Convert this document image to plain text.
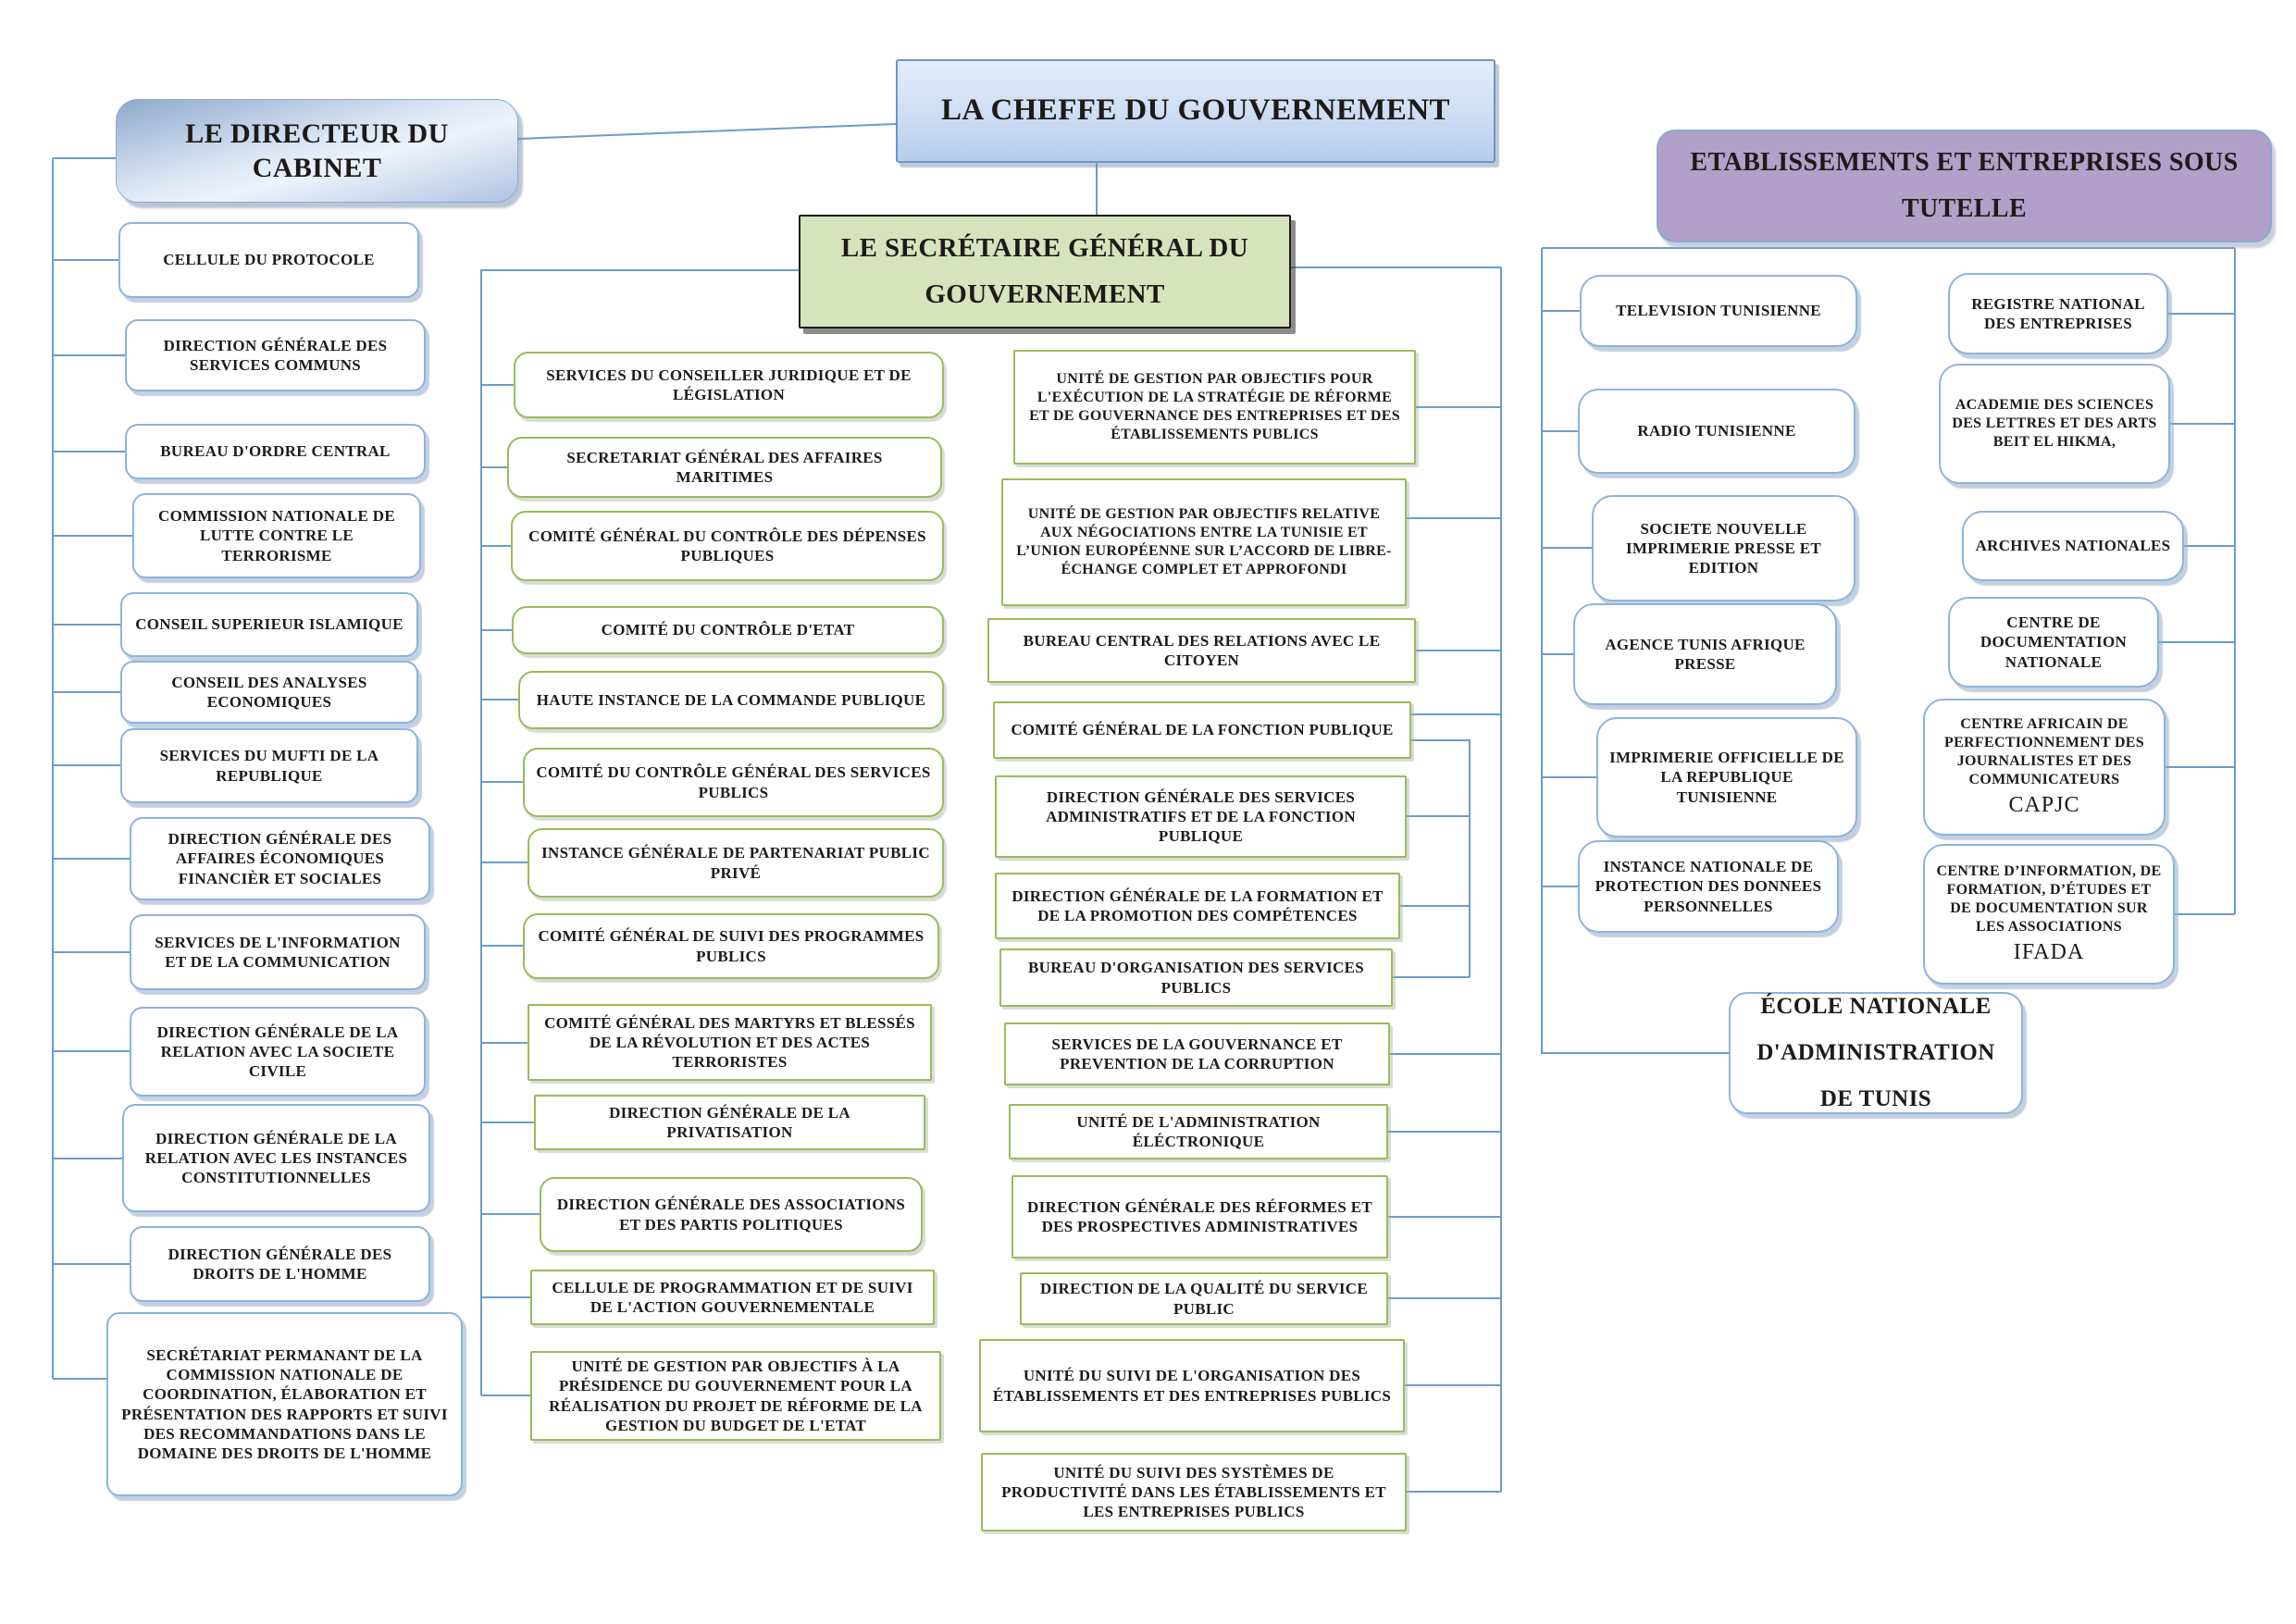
LE DIRECTEUR DU CABINET
LA CHEFFE DU GOUVERNEMENT
LE SECRÉTAIRE GÉNÉRAL DU GOUVERNEMENT
ETABLISSEMENTS ET ENTREPRISES SOUS TUTELLE
ÉCOLE NATIONALE D'ADMINISTRATION DE TUNIS
CELLULE DU PROTOCOLE
DIRECTION GÉNÉRALE DES SERVICES COMMUNS
BUREAU D'ORDRE CENTRAL
COMMISSION NATIONALE DE LUTTE CONTRE LE TERRORISME
CONSEIL SUPERIEUR ISLAMIQUE
CONSEIL DES ANALYSES ECONOMIQUES
SERVICES DU MUFTI DE LA REPUBLIQUE
DIRECTION GÉNÉRALE DES AFFAIRES ÉCONOMIQUES FINANCIÈR ET SOCIALES
SERVICES DE L'INFORMATION ET DE LA COMMUNICATION
DIRECTION GÉNÉRALE DE LA RELATION AVEC LA SOCIETE CIVILE
DIRECTION GÉNÉRALE DE LA RELATION AVEC LES INSTANCES CONSTITUTIONNELLES
DIRECTION GÉNÉRALE DES DROITS DE L'HOMME
SECRÉTARIAT PERMANANT DE LA COMMISSION NATIONALE DE COORDINATION, ÉLABORATION ET PRÉSENTATION DES RAPPORTS ET SUIVI DES RECOMMANDATIONS DANS LE DOMAINE DES DROITS DE L'HOMME
SERVICES DU CONSEILLER JURIDIQUE ET DE LÉGISLATION
SECRETARIAT GÉNÉRAL DES AFFAIRES MARITIMES
COMITÉ GÉNÉRAL DU CONTRÔLE DES DÉPENSES PUBLIQUES
COMITÉ DU CONTRÔLE D'ETAT
HAUTE INSTANCE DE LA COMMANDE PUBLIQUE
COMITÉ DU CONTRÔLE GÉNÉRAL DES SERVICES PUBLICS
INSTANCE GÉNÉRALE DE PARTENARIAT PUBLIC PRIVÉ
COMITÉ GÉNÉRAL DE SUIVI DES PROGRAMMES PUBLICS
COMITÉ GÉNÉRAL DES MARTYRS ET BLESSÉS DE LA RÉVOLUTION ET DES ACTES TERRORISTES
DIRECTION GÉNÉRALE DE LA PRIVATISATION
DIRECTION GÉNÉRALE DES ASSOCIATIONS ET DES PARTIS POLITIQUES
CELLULE DE PROGRAMMATION ET DE SUIVI DE L'ACTION GOUVERNEMENTALE
UNITÉ DE GESTION PAR OBJECTIFS À LA PRÉSIDENCE DU GOUVERNEMENT POUR LA RÉALISATION DU PROJET DE RÉFORME DE LA GESTION DU BUDGET DE L'ETAT
UNITÉ DE GESTION PAR OBJECTIFS POUR L'EXÉCUTION DE LA STRATÉGIE DE RÉFORME ET DE GOUVERNANCE DES ENTREPRISES ET DES ÉTABLISSEMENTS PUBLICS
UNITÉ DE GESTION PAR OBJECTIFS RELATIVE AUX NÉGOCIATIONS ENTRE LA TUNISIE ET L’UNION EUROPÉENNE SUR L’ACCORD DE LIBRE-ÉCHANGE COMPLET ET APPROFONDI
BUREAU CENTRAL DES RELATIONS AVEC LE CITOYEN
COMITÉ GÉNÉRAL DE LA FONCTION PUBLIQUE
DIRECTION GÉNÉRALE DES SERVICES ADMINISTRATIFS ET DE LA FONCTION PUBLIQUE
DIRECTION GÉNÉRALE DE LA FORMATION ET DE LA PROMOTION DES COMPÉTENCES
BUREAU D'ORGANISATION DES SERVICES PUBLICS
SERVICES DE LA GOUVERNANCE ET PREVENTION DE LA CORRUPTION
UNITÉ DE L'ADMINISTRATION ÉLÉCTRONIQUE
DIRECTION GÉNÉRALE DES RÉFORMES ET DES PROSPECTIVES ADMINISTRATIVES
DIRECTION DE LA QUALITÉ DU SERVICE PUBLIC
UNITÉ DU SUIVI DE L'ORGANISATION DES ÉTABLISSEMENTS ET DES ENTREPRISES PUBLICS
UNITÉ DU SUIVI DES SYSTÈMES DE PRODUCTIVITÉ DANS LES ÉTABLISSEMENTS ET LES ENTREPRISES PUBLICS
TELEVISION TUNISIENNE
RADIO TUNISIENNE
SOCIETE NOUVELLE IMPRIMERIE PRESSE ET EDITION
AGENCE TUNIS AFRIQUE PRESSE
IMPRIMERIE OFFICIELLE DE LA REPUBLIQUE TUNISIENNE
INSTANCE NATIONALE DE PROTECTION DES DONNEES PERSONNELLES
REGISTRE NATIONAL DES ENTREPRISES
ACADEMIE DES SCIENCES DES LETTRES ET DES ARTS BEIT EL HIKMA,
ARCHIVES NATIONALES
CENTRE DE DOCUMENTATION NATIONALE
CENTRE AFRICAIN DE PERFECTIONNEMENT DES JOURNALISTES ET DES COMMUNICATEURS
CAPJC
CENTRE D’INFORMATION, DE FORMATION, D’ÉTUDES ET DE DOCUMENTATION SUR LES ASSOCIATIONS
IFADA
